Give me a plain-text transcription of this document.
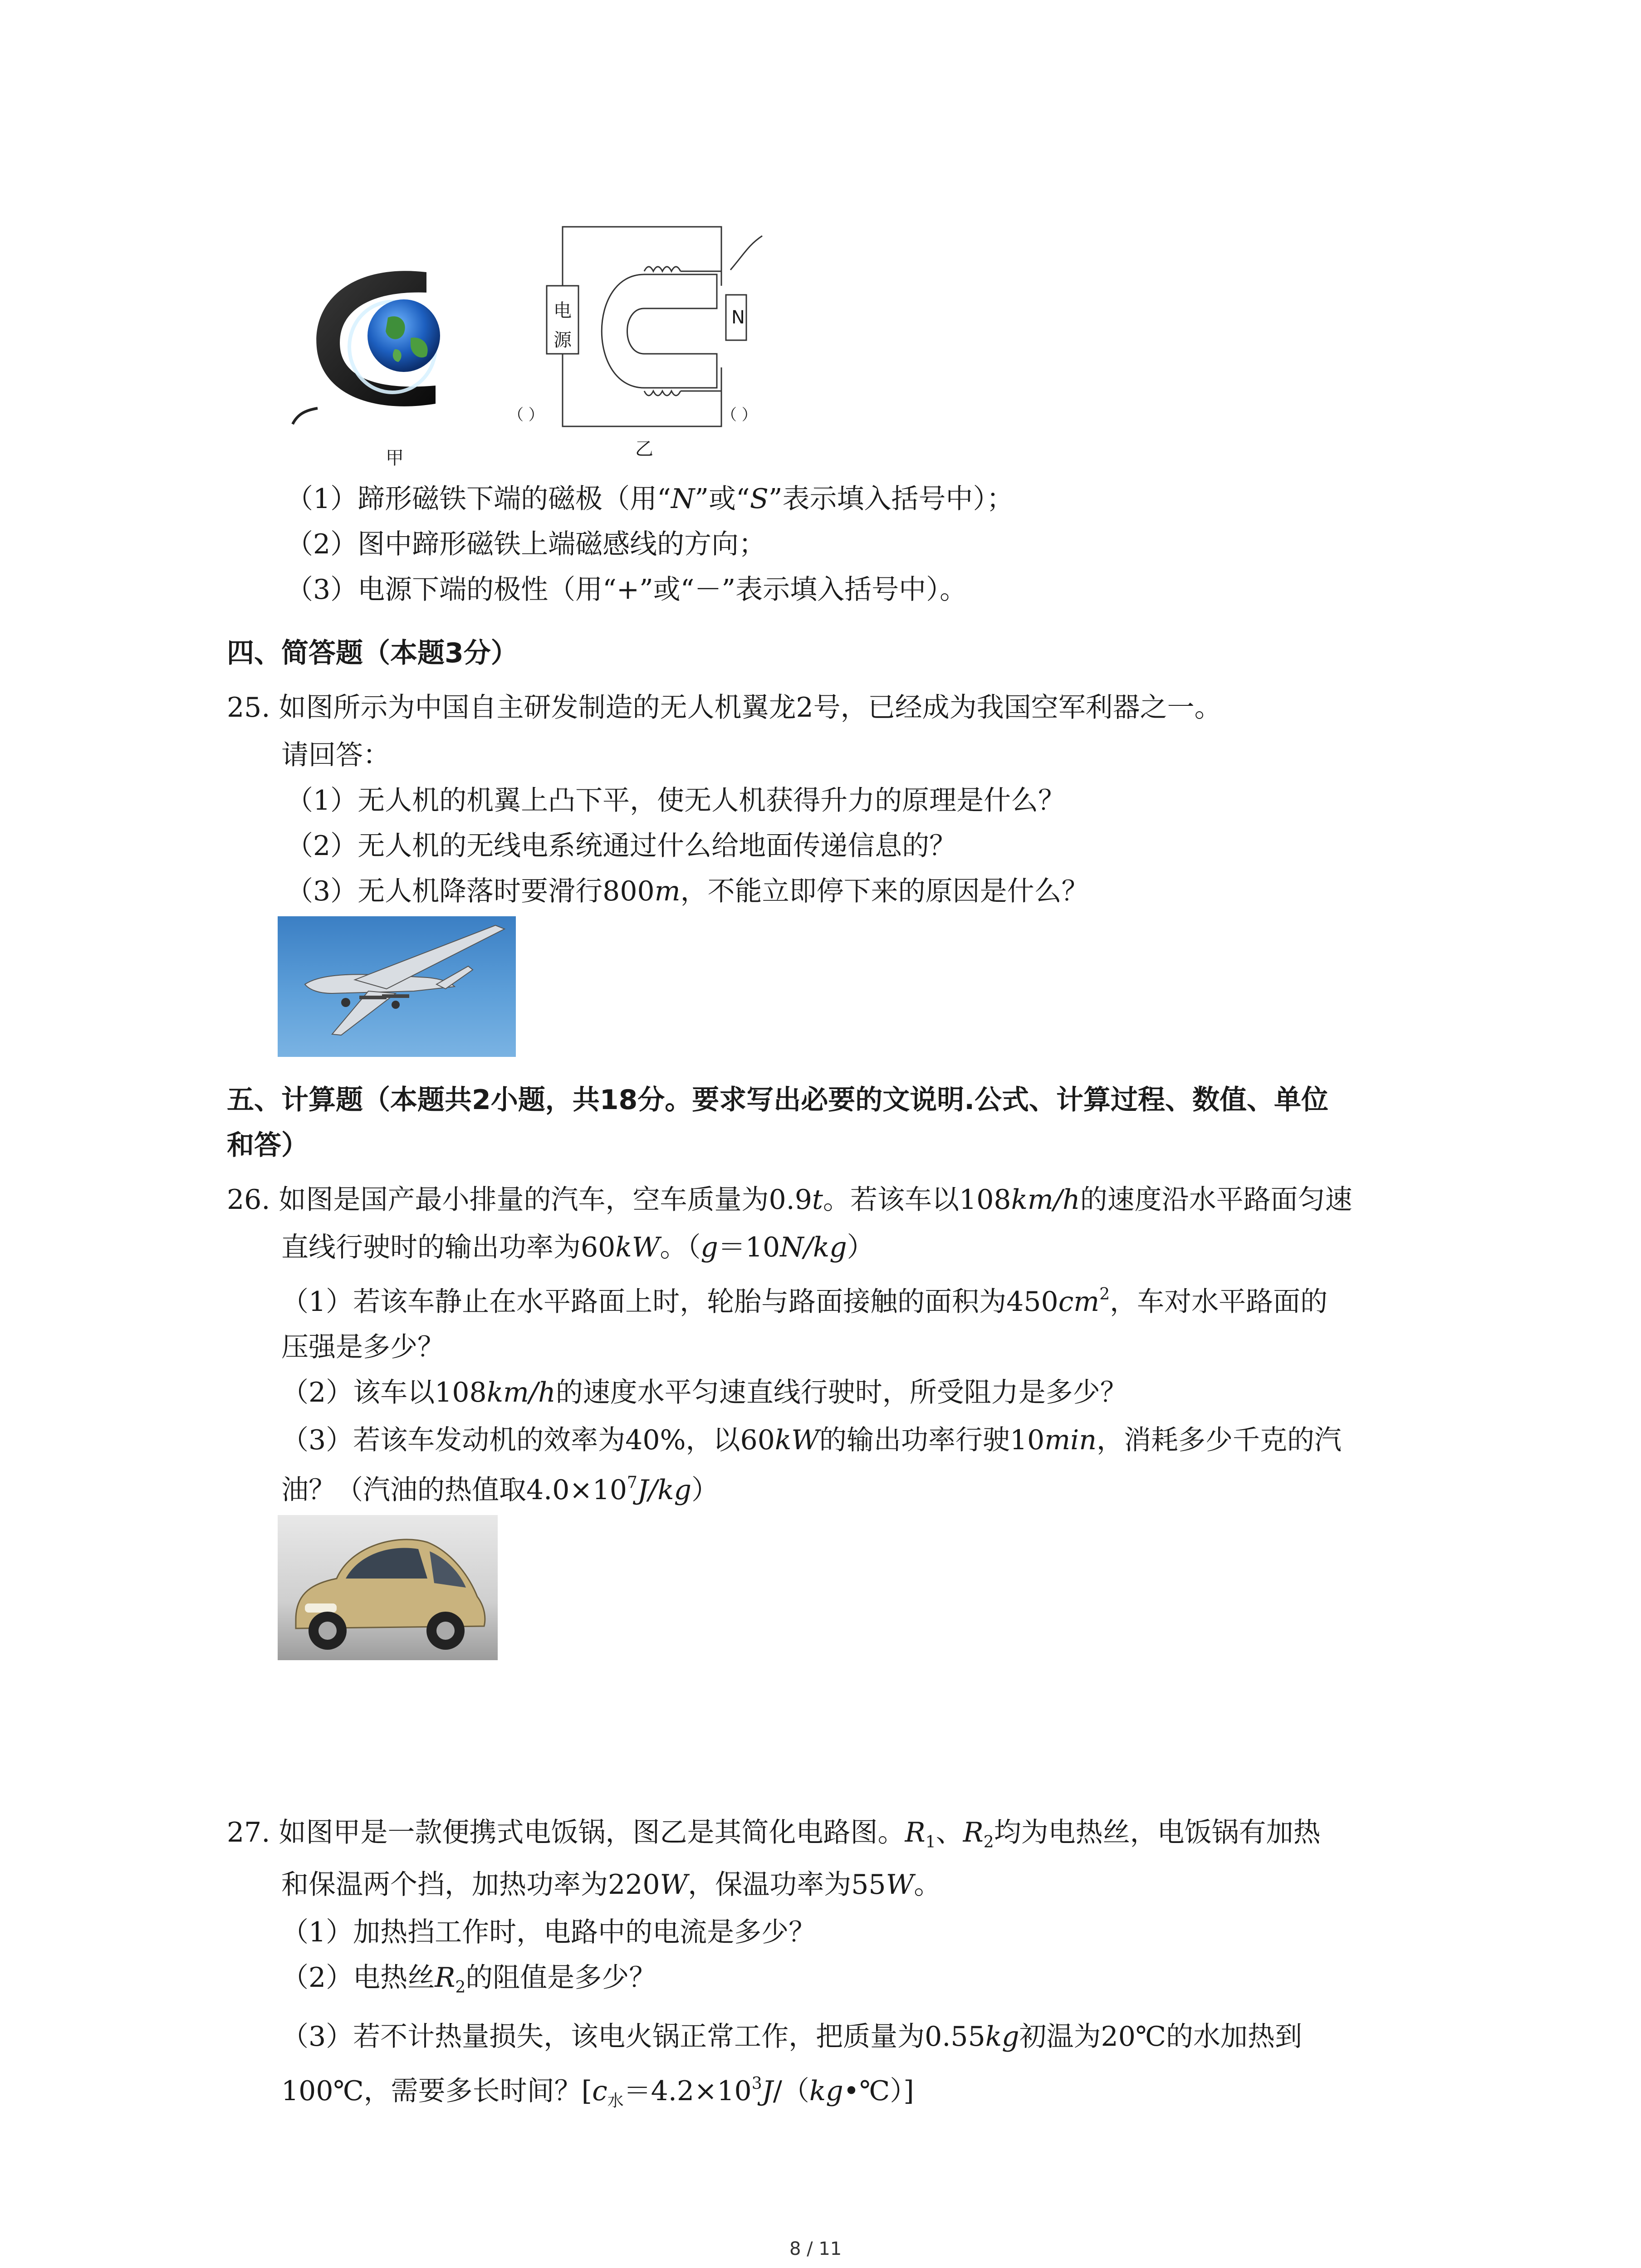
甲
电
源
N
（ ）	（ ）
乙
（1）蹄形磁铁下端的磁极（用“N”或“S”表示填入括号中）；
（2）图中蹄形磁铁上端磁感线的方向；
（3）电源下端的极性（用“+”或“－”表示填入括号中）。
四、简答题（本题3分）
25. 如图所示为中国自主研发制造的无人机翼龙2号，已经成为我国空军利器之一。
请回答：
（1）无人机的机翼上凸下平，使无人机获得升力的原理是什么？
（2）无人机的无线电系统通过什么给地面传递信息的？
（3）无人机降落时要滑行800m，不能立即停下来的原因是什么？
五、计算题（本题共2小题，共18分。要求写出必要的文说明.公式、计算过程、数值、单位
和答）
26. 如图是国产最小排量的汽车，空车质量为0.9t。若该车以108km/h的速度沿水平路面匀速
直线行驶时的输出功率为60kW。（g＝10N/kg）
（1）若该车静止在水平路面上时，轮胎与路面接触的面积为$450cm^2$，车对水平路面的
压强是多少？
（2）该车以108km/h的速度水平匀速直线行驶时，所受阻力是多少？
（3）若该车发动机的效率为40%，以60kW的输出功率行驶10min，消耗多少千克的汽
油？（汽油的热值取$4.0\times 10^7J/kg$）
27. 如图甲是一款便携式电饭锅，图乙是其简化电路图。$R_1$、$R_2$均为电热丝，电饭锅有加热
和保温两个挡，加热功率为220W，保温功率为55W。
（1）加热挡工作时，电路中的电流是多少？
（2）电热丝$R_2$的阻值是多少？
（3）若不计热量损失，该电火锅正常工作，把质量为0.55kg初温为20℃的水加热到
100℃，需要多长时间？$[c_水=4.2\times 10^3J/(kg•℃)]$
8 / 11
